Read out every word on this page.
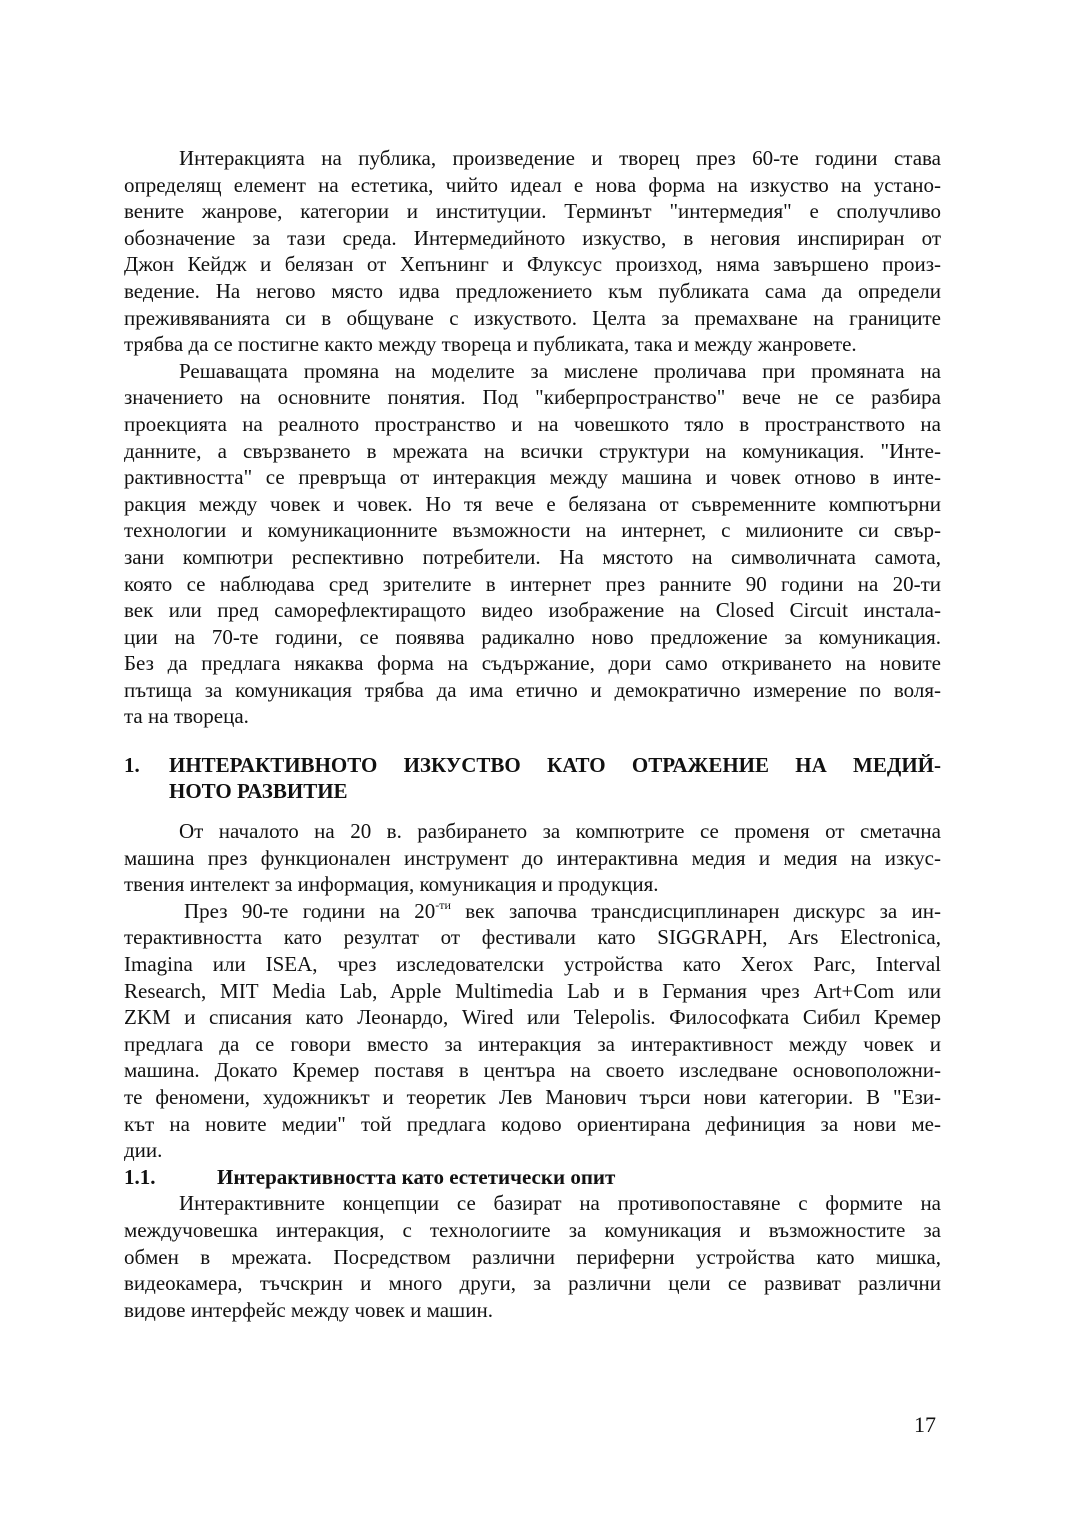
Интеракцията на публика, произведение и творец през 60-те години става
определящ елемент на естетика, чийто идеал е нова форма на изкуство на устано-
вените жанрове, категории и институции. Терминът "интермедия" е сполучливо
обозначение за тази среда. Интермедийното изкуство, в неговия инспириран от
Джон Кейдж и белязан от Хепънинг и Флуксус произход, няма завършено произ-
ведение. На негово място идва предложението към публиката сама да определи
преживяванията си в общуване с изкуството. Целта за премахване на границите
трябва да се постигне както между твореца и публиката, така и между жанровете.
Решаващата промяна на моделите за мислене проличава при промяната на
значението на основните понятия. Под "киберпространство" вече не се разбира
проекцията на реалното пространство и на човешкото тяло в пространството на
данните, а свързването в мрежата на всички структури на комуникация. "Инте-
рактивността" се превръща от интеракция между машина и човек отново в инте-
ракция между човек и човек. Но тя вече е белязана от съвременните компютърни
технологии и комуникационните възможности на интернет, с милионите си свър-
зани компютри респективно потребители. На мястото на символичната самота,
която се наблюдава сред зрителите в интернет през ранните 90 години на 20-ти
век или пред саморефлектиращото видео изображение на Closed Circuit инстала-
ции на 70-те години, се появява радикално ново предложение за комуникация.
Без да предлага някаква форма на съдържание, дори само откриването на новите
пътища за комуникация трябва да има етично и демократично измерение по воля-
та на твореца.
1.	ИНТЕРАКТИВНОТО ИЗКУСТВО КАТО ОТРАЖЕНИЕ НА МЕДИЙ-
НОТО РАЗВИТИЕ
От началото на 20 в. разбирането за компютрите се променя от сметачна
машина през функционален инструмент до интерактивна медия и медия на изкус-
твения интелект за информация, комуникация и продукция.
През 90-те години на $20^{-ти}$ век започва трансдисциплинарен дискурс за ин-
терактивността като резултат от фестивали като SIGGRAPH, Ars Electronica,
Imagina или ISEA, чрез изследователски устройства като Xerox Parc, Interval
Research, MIT Media Lab, Apple Multimedia Lab и в Германия чрез Art+Com или
ZKM и списания като Леонардо, Wired или Telepolis. Философката Сибил Кремер
предлага да се говори вместо за интеракция за интерактивност между човек и
машина. Докато Кремер поставя в центъра на своето изследване основоположни-
те феномени, художникът и теоретик Лев Манович търси нови категории. В "Ези-
кът на новите медии" той предлага кодово ориентирана дефиниция за нови ме-
дии.
1.1.	Интерактивността като естетически опит
Интерактивните концепции се базират на противопоставяне с формите на
междучовешка интеракция, с технологиите за комуникация и възможностите за
обмен в мрежата. Посредством различни периферни устройства като мишка,
видеокамера, тъчскрин и много други, за различни цели се развиват различни
видове интерфейс между човек и машин.
17
